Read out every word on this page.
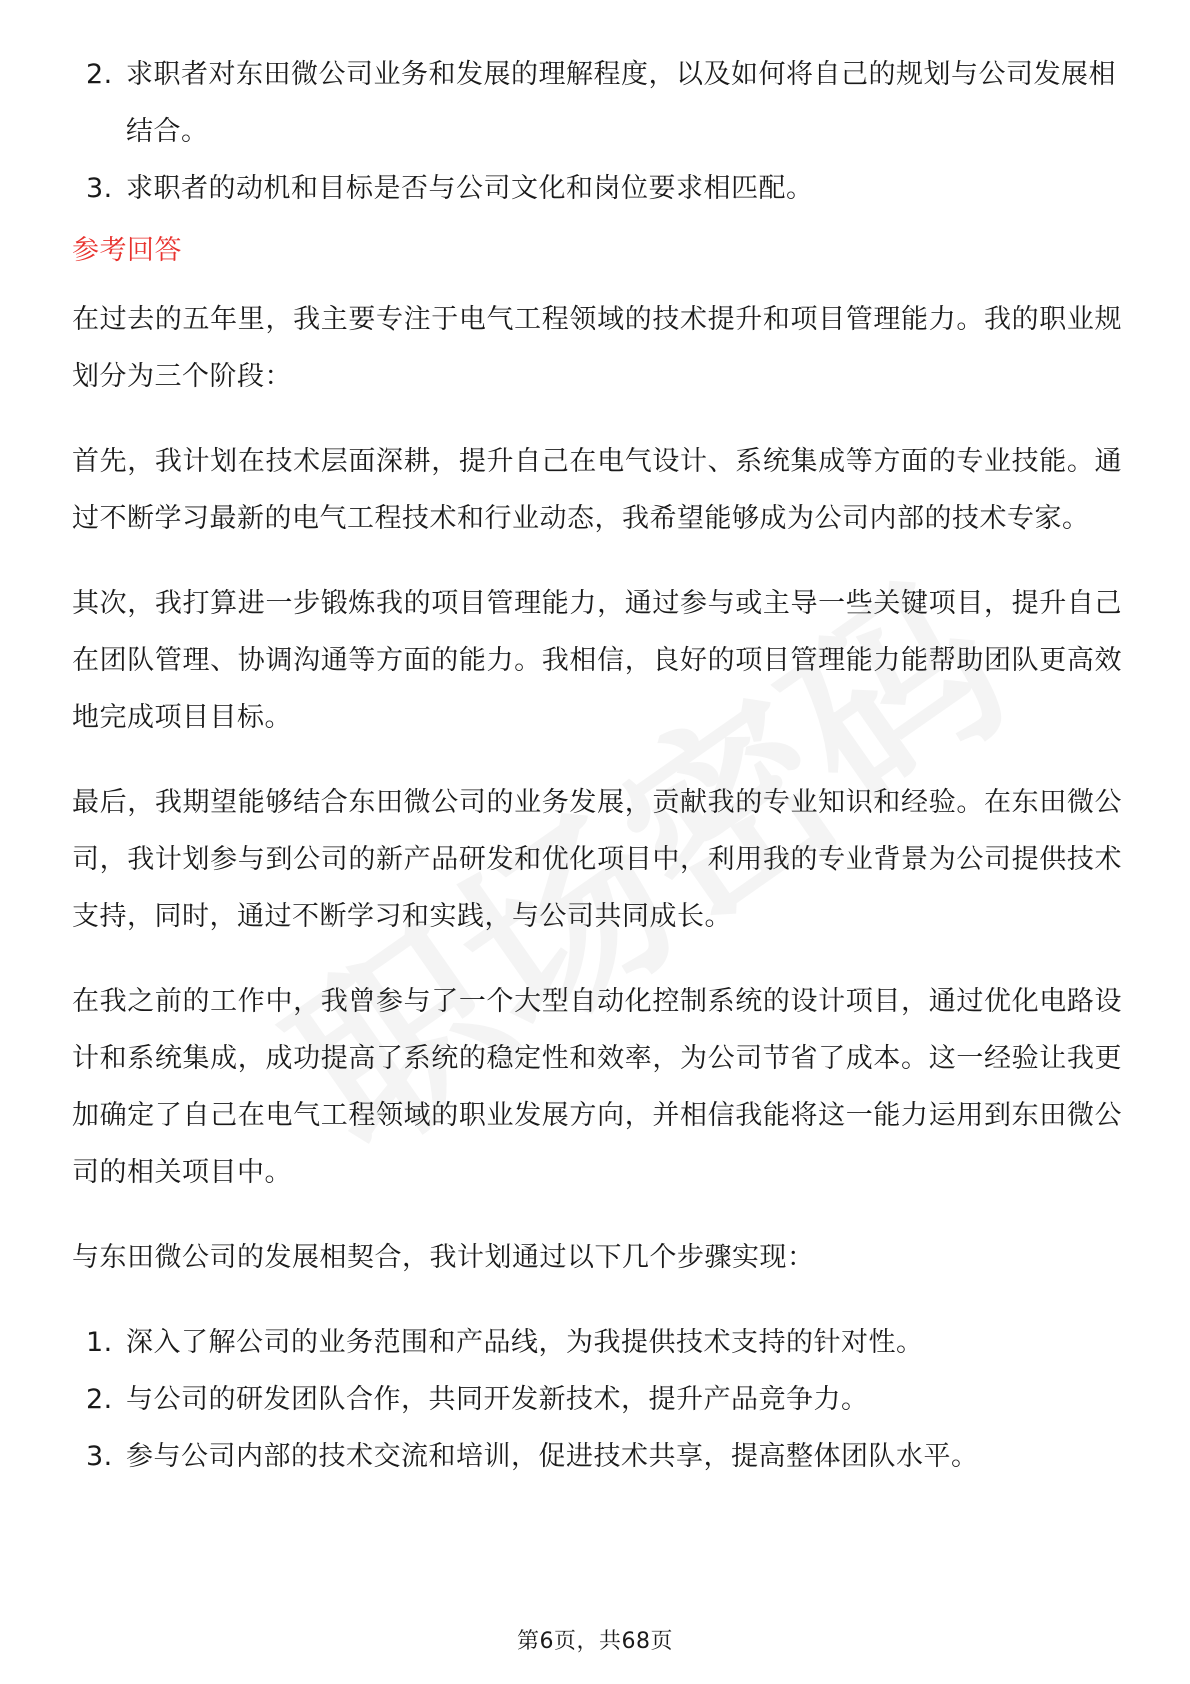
2. 求职者对东田微公司业务和发展的理解程度，以及如何将自己的规划与公司发展相结合。
3. 求职者的动机和目标是否与公司文化和岗位要求相匹配。
参考回答

在过去的五年里，我主要专注于电气工程领域的技术提升和项目管理能力。我的职业规划分为三个阶段：

首先，我计划在技术层面深耕，提升自己在电气设计、系统集成等方面的专业技能。通过不断学习最新的电气工程技术和行业动态，我希望能够成为公司内部的技术专家。

其次，我打算进一步锻炼我的项目管理能力，通过参与或主导一些关键项目，提升自己在团队管理、协调沟通等方面的能力。我相信，良好的项目管理能力能帮助团队更高效地完成项目目标。

最后，我期望能够结合东田微公司的业务发展，贡献我的专业知识和经验。在东田微公司，我计划参与到公司的新产品研发和优化项目中，利用我的专业背景为公司提供技术支持，同时，通过不断学习和实践，与公司共同成长。

在我之前的工作中，我曾参与了一个大型自动化控制系统的设计项目，通过优化电路设计和系统集成，成功提高了系统的稳定性和效率，为公司节省了成本。这一经验让我更加确定了自己在电气工程领域的职业发展方向，并相信我能将这一能力运用到东田微公司的相关项目中。

与东田微公司的发展相契合，我计划通过以下几个步骤实现：

1. 深入了解公司的业务范围和产品线，为我提供技术支持的针对性。
2. 与公司的研发团队合作，共同开发新技术，提升产品竞争力。
3. 参与公司内部的技术交流和培训，促进技术共享，提高整体团队水平。
第6页，共68页
